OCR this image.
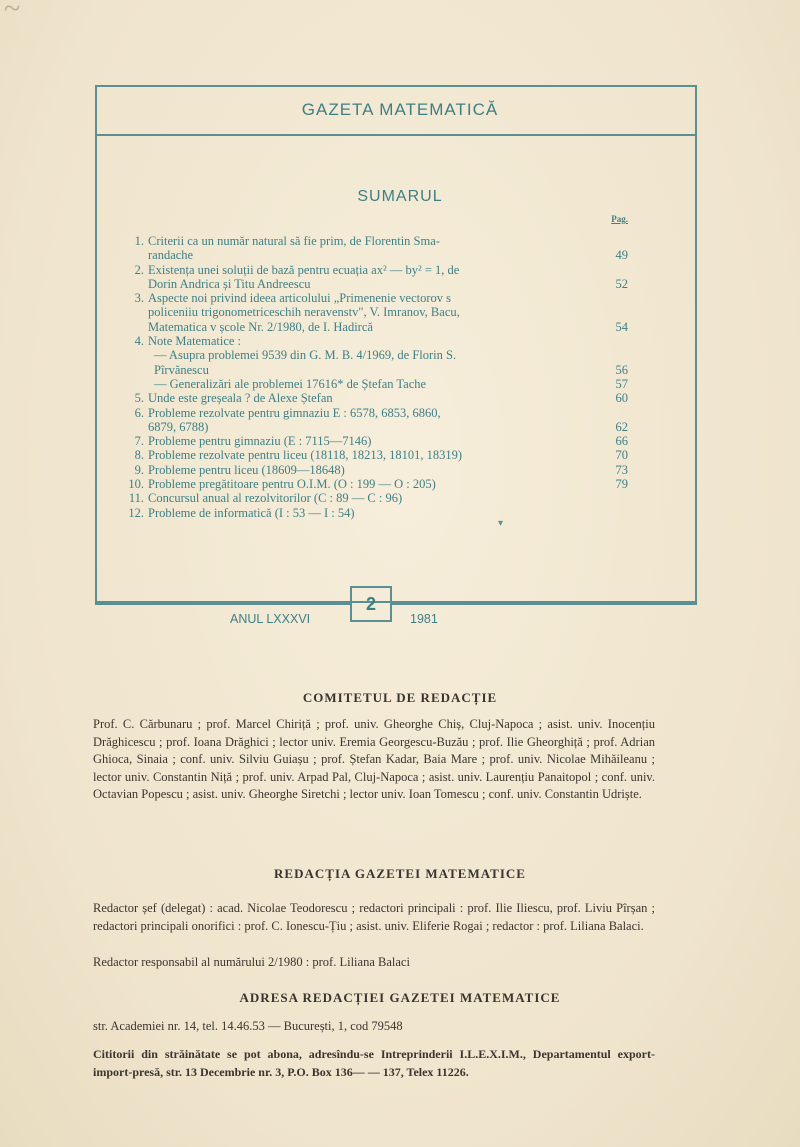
~
GAZETA MATEMATICĂ
SUMARUL
Pag.
1. Criterii ca un număr natural să fie prim, de Florentin Sma-
randache	49
2. Existența unei soluții de bază pentru ecuația ax² — by² = 1, de
Dorin Andrica și Titu Andreescu	52
3. Aspecte noi privind ideea articolului „Primenenie vectorov s
policeniiu trigonometriceschih neravenstv", V. Imranov, Bacu,
Matematica v școle Nr. 2/1980, de I. Hadircă	54
4. Note Matematice :
— Asupra problemei 9539 din G. M. B. 4/1969, de Florin S.
Pîrvănescu	56
— Generalizări ale problemei 17616* de Ștefan Tache	57
5. Unde este greșeala ? de Alexe Ștefan	60
6. Probleme rezolvate pentru gimnaziu E : 6578, 6853, 6860,
6879, 6788)	62
7. Probleme pentru gimnaziu (E : 7115—7146)	66
8. Probleme rezolvate pentru liceu (18118, 18213, 18101, 18319)	70
9. Probleme pentru liceu (18609—18648)	73
10. Probleme pregătitoare pentru O.I.M. (O : 199 — O : 205)	79
11. Concursul anual al rezolvitorilor (C : 89 — C : 96)
12. Probleme de informatică (I : 53 — I : 54)
▾
ANUL LXXXVI
2
1981
COMITETUL DE REDACȚIE
Prof. C. Cărbunaru ; prof. Marcel Chiriță ; prof. univ. Gheorghe Chiș, Cluj-Napoca ; asist. univ. Inocențiu Drăghicescu ; prof. Ioana Drăghici ; lector univ. Eremia Georgescu-Buzău ; prof. Ilie Gheorghiță ; prof. Adrian Ghioca, Sinaia ; conf. univ. Silviu Guiașu ; prof. Ștefan Kadar, Baia Mare ; prof. univ. Nicolae Mihăileanu ; lector univ. Constantin Niță ; prof. univ. Arpad Pal, Cluj-Napoca ; asist. univ. Laurențiu Panaitopol ; conf. univ. Octavian Popescu ; asist. univ. Gheorghe Siretchi ; lector univ. Ioan Tomescu ; conf. univ. Constantin Udriște.
REDACȚIA GAZETEI MATEMATICE
Redactor șef (delegat) : acad. Nicolae Teodorescu ; redactori principali : prof. Ilie Iliescu, prof. Liviu Pîrșan ; redactori principali onorifici : prof. C. Ionescu-Țiu ; asist. univ. Eliferie Rogai ; redactor : prof. Liliana Balaci.
Redactor responsabil al numărului 2/1980 : prof. Liliana Balaci
ADRESA REDACȚIEI GAZETEI MATEMATICE
str. Academiei nr. 14, tel. 14.46.53 — București, 1, cod 79548
Cititorii din străinătate se pot abona, adresîndu-se Intreprinderii I.L.E.X.I.M., Departamentul export-import-presă, str. 13 Decembrie nr. 3, P.O. Box 136— — 137, Telex 11226.
